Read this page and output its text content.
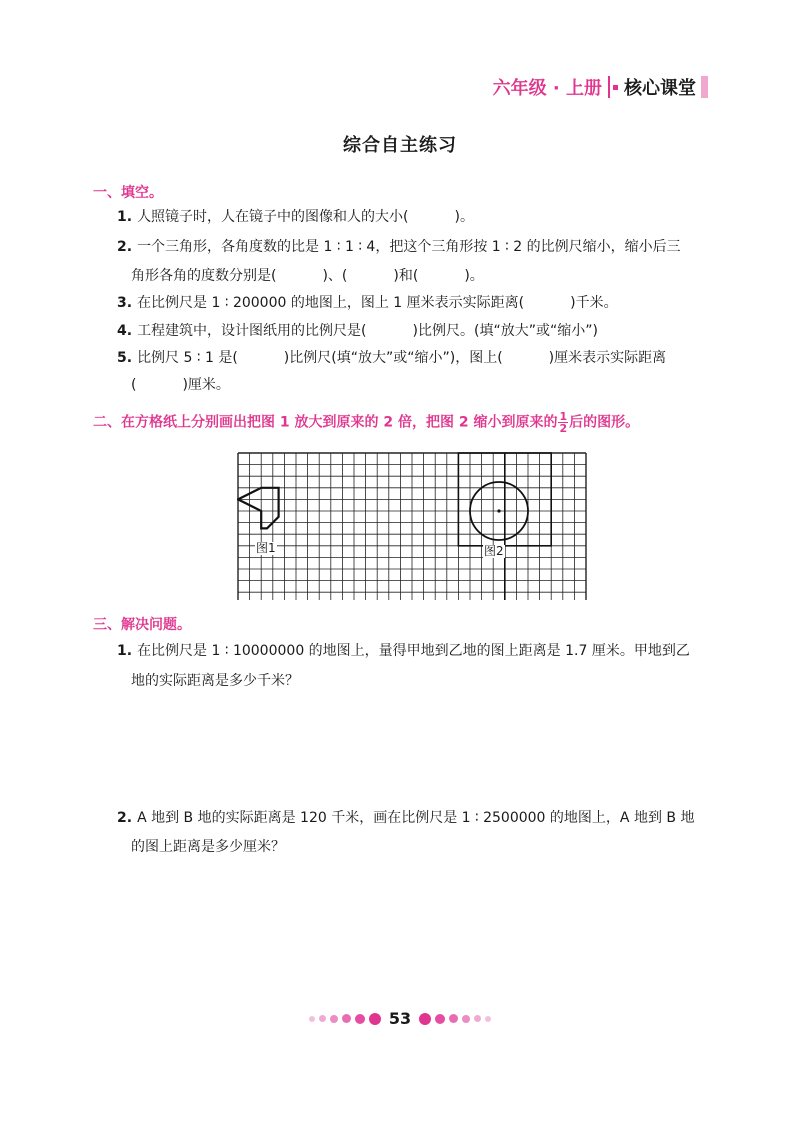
六年级 · 上册 核心课堂
综合自主练习
一、填空。
1. 人照镜子时，人在镜子中的图像和人的大小(	)。
2. 一个三角形，各角度数的比是 1 ∶ 1 ∶ 4，把这个三角形按 1 ∶ 2 的比例尺缩小，缩小后三
角形各角的度数分别是(	)、(	)和(	)。
3. 在比例尺是 1 ∶ 200000 的地图上，图上 1 厘米表示实际距离(	)千米。
4. 工程建筑中，设计图纸用的比例尺是(	)比例尺。(填“放大”或“缩小”)
5. 比例尺 5 ∶ 1 是(	)比例尺(填“放大”或“缩小”)，图上(	)厘米表示实际距离
(	)厘米。
二、在方格纸上分别画出把图 1 放大到原来的 2 倍，把图 2 缩小到原来的 $\frac{1}{2}$ 后的图形。
图1	图2
三、解决问题。
1. 在比例尺是 1 ∶ 10000000 的地图上，量得甲地到乙地的图上距离是 1.7 厘米。甲地到乙
地的实际距离是多少千米？
2. A 地到 B 地的实际距离是 120 千米，画在比例尺是 1 ∶ 2500000 的地图上，A 地到 B 地
的图上距离是多少厘米？
53
